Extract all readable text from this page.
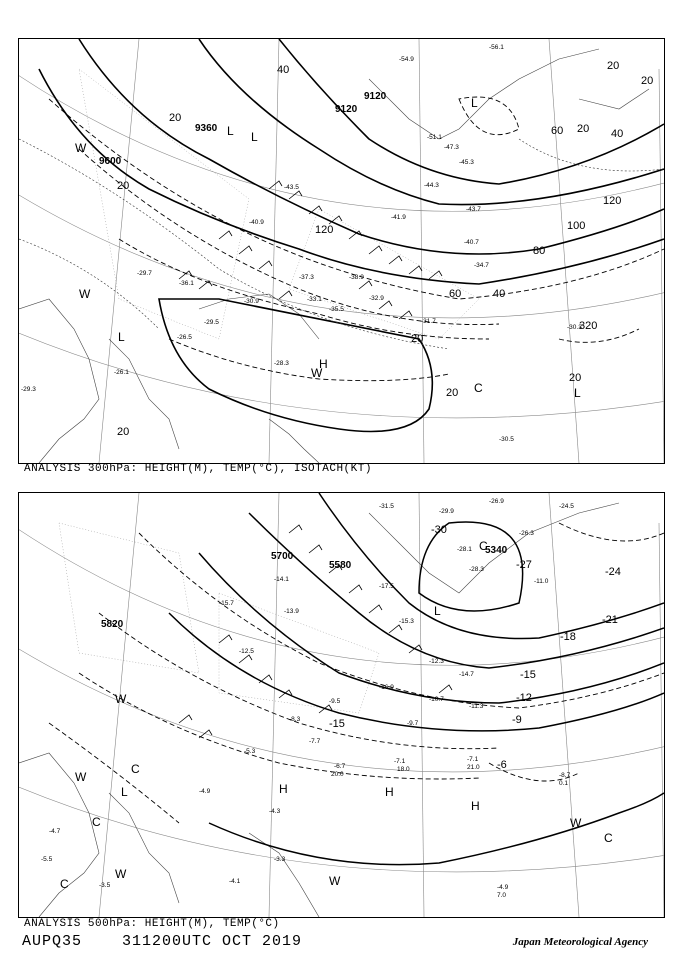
9600
9360
9120
9120
20
40
60
80
100
120
20
40
20
20
20
20
20
320
20
60	40
120
20
-54.9
-56.1
-51.1
-47.3
-45.3
-44.3
-43.7
-40.7
-34.7
-37.3
-32.9
-31.7
-33.1
-36.1
-30.9
-29.7
-29.5
-28.3
-26.5
-26.1
-29.3
-30.3
-30.5
-41.9
-43.5
-38.9
-35.5
-40.9
L L
L
L
H
W
C	L
W
W
ANALYSIS 300hPa: HEIGHT(M), TEMP(°C), ISOTACH(KT)
5700
5580
5820
5340
-30
-24
-21
-18
-15
-12
-9
-27
-15
-6
-31.5
-29.9
-26.9
-28.1
-28.3
-24.5
-26.3
-11.0
-17.5
-14.7
-15.3
-14.1
-13.9
-15.7
-16.9
-12.5
-11.3
-9.5
-8.3
-7.7
-7.1
-6.7
-5.3
-4.9
-4.7
-4.3
-4.1
-3.3
-3.5
-5.5
-8.7
-7.1
-4.9
-9.7
-10.7
-12.3
18.0	21.0
20.0
7.0
0.1
C
L
W
W
C
W
C
H	H
H
W
C
W
L
C
ANALYSIS 500hPa: HEIGHT(M), TEMP(°C)
AUPQ35	311200UTC OCT 2019	Japan Meteorological Agency
